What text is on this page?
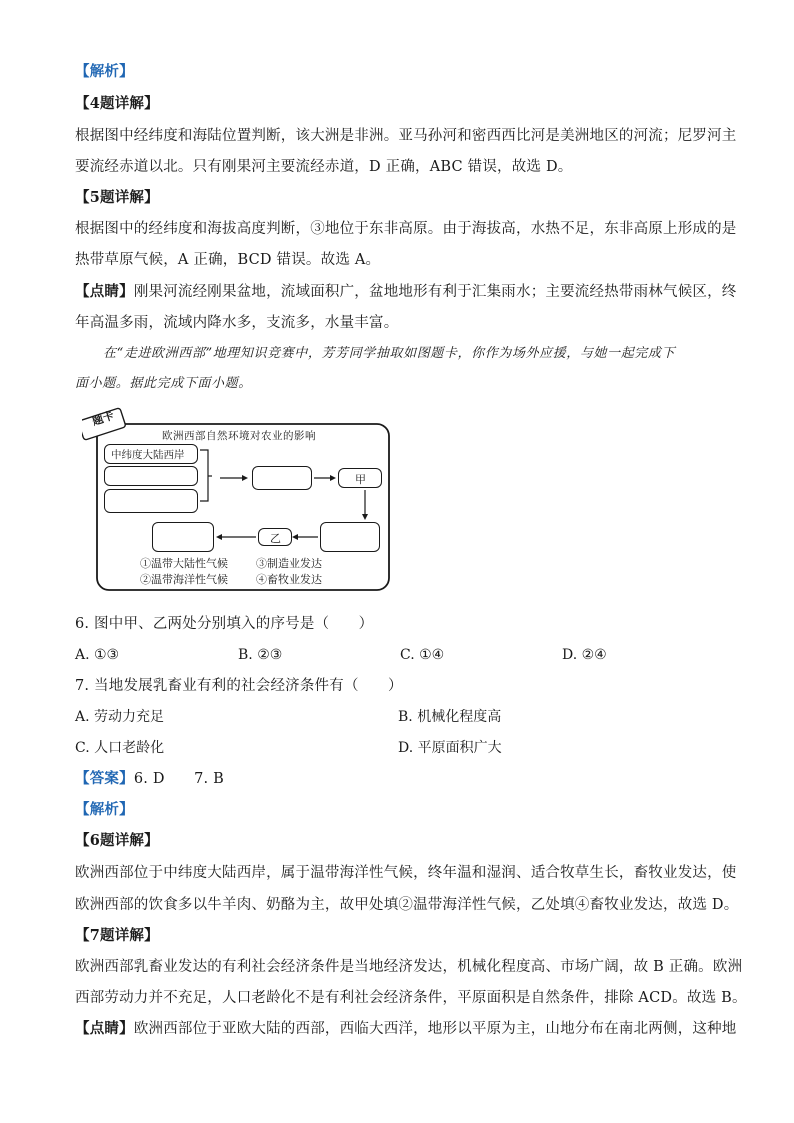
【解析】
【4题详解】
根据图中经纬度和海陆位置判断，该大洲是非洲。亚马孙河和密西西比河是美洲地区的河流；尼罗河主
要流经赤道以北。只有刚果河主要流经赤道，D 正确，ABC 错误，故选 D。
【5题详解】
根据图中的经纬度和海拔高度判断，③地位于东非高原。由于海拔高，水热不足，东非高原上形成的是
热带草原气候，A 正确，BCD 错误。故选 A。
【点睛】刚果河流经刚果盆地，流域面积广，盆地地形有利于汇集雨水；主要流经热带雨林气候区，终
年高温多雨，流域内降水多，支流多，水量丰富。
在“走进欧洲西部”地理知识竞赛中，芳芳同学抽取如图题卡，你作为场外应援，与她一起完成下
面小题。据此完成下面小题。
题卡
欧洲西部自然环境对农业的影响
中纬度大陆西岸
甲
乙
①温带大陆性气候	③制造业发达
②温带海洋性气候	④畜牧业发达
6. 图中甲、乙两处分别填入的序号是（　　）
A. ①③	B. ②③	C. ①④	D. ②④
7. 当地发展乳畜业有利的社会经济条件有（　　）
A. 劳动力充足	B. 机械化程度高
C. 人口老龄化	D. 平原面积广大
【答案】6. D　　7. B
【解析】
【6题详解】
欧洲西部位于中纬度大陆西岸，属于温带海洋性气候，终年温和湿润、适合牧草生长，畜牧业发达，使
欧洲西部的饮食多以牛羊肉、奶酪为主，故甲处填②温带海洋性气候，乙处填④畜牧业发达，故选 D。
【7题详解】
欧洲西部乳畜业发达的有利社会经济条件是当地经济发达，机械化程度高、市场广阔，故 B 正确。欧洲
西部劳动力并不充足，人口老龄化不是有利社会经济条件，平原面积是自然条件，排除 ACD。故选 B。
【点睛】欧洲西部位于亚欧大陆的西部，西临大西洋，地形以平原为主，山地分布在南北两侧，这种地
